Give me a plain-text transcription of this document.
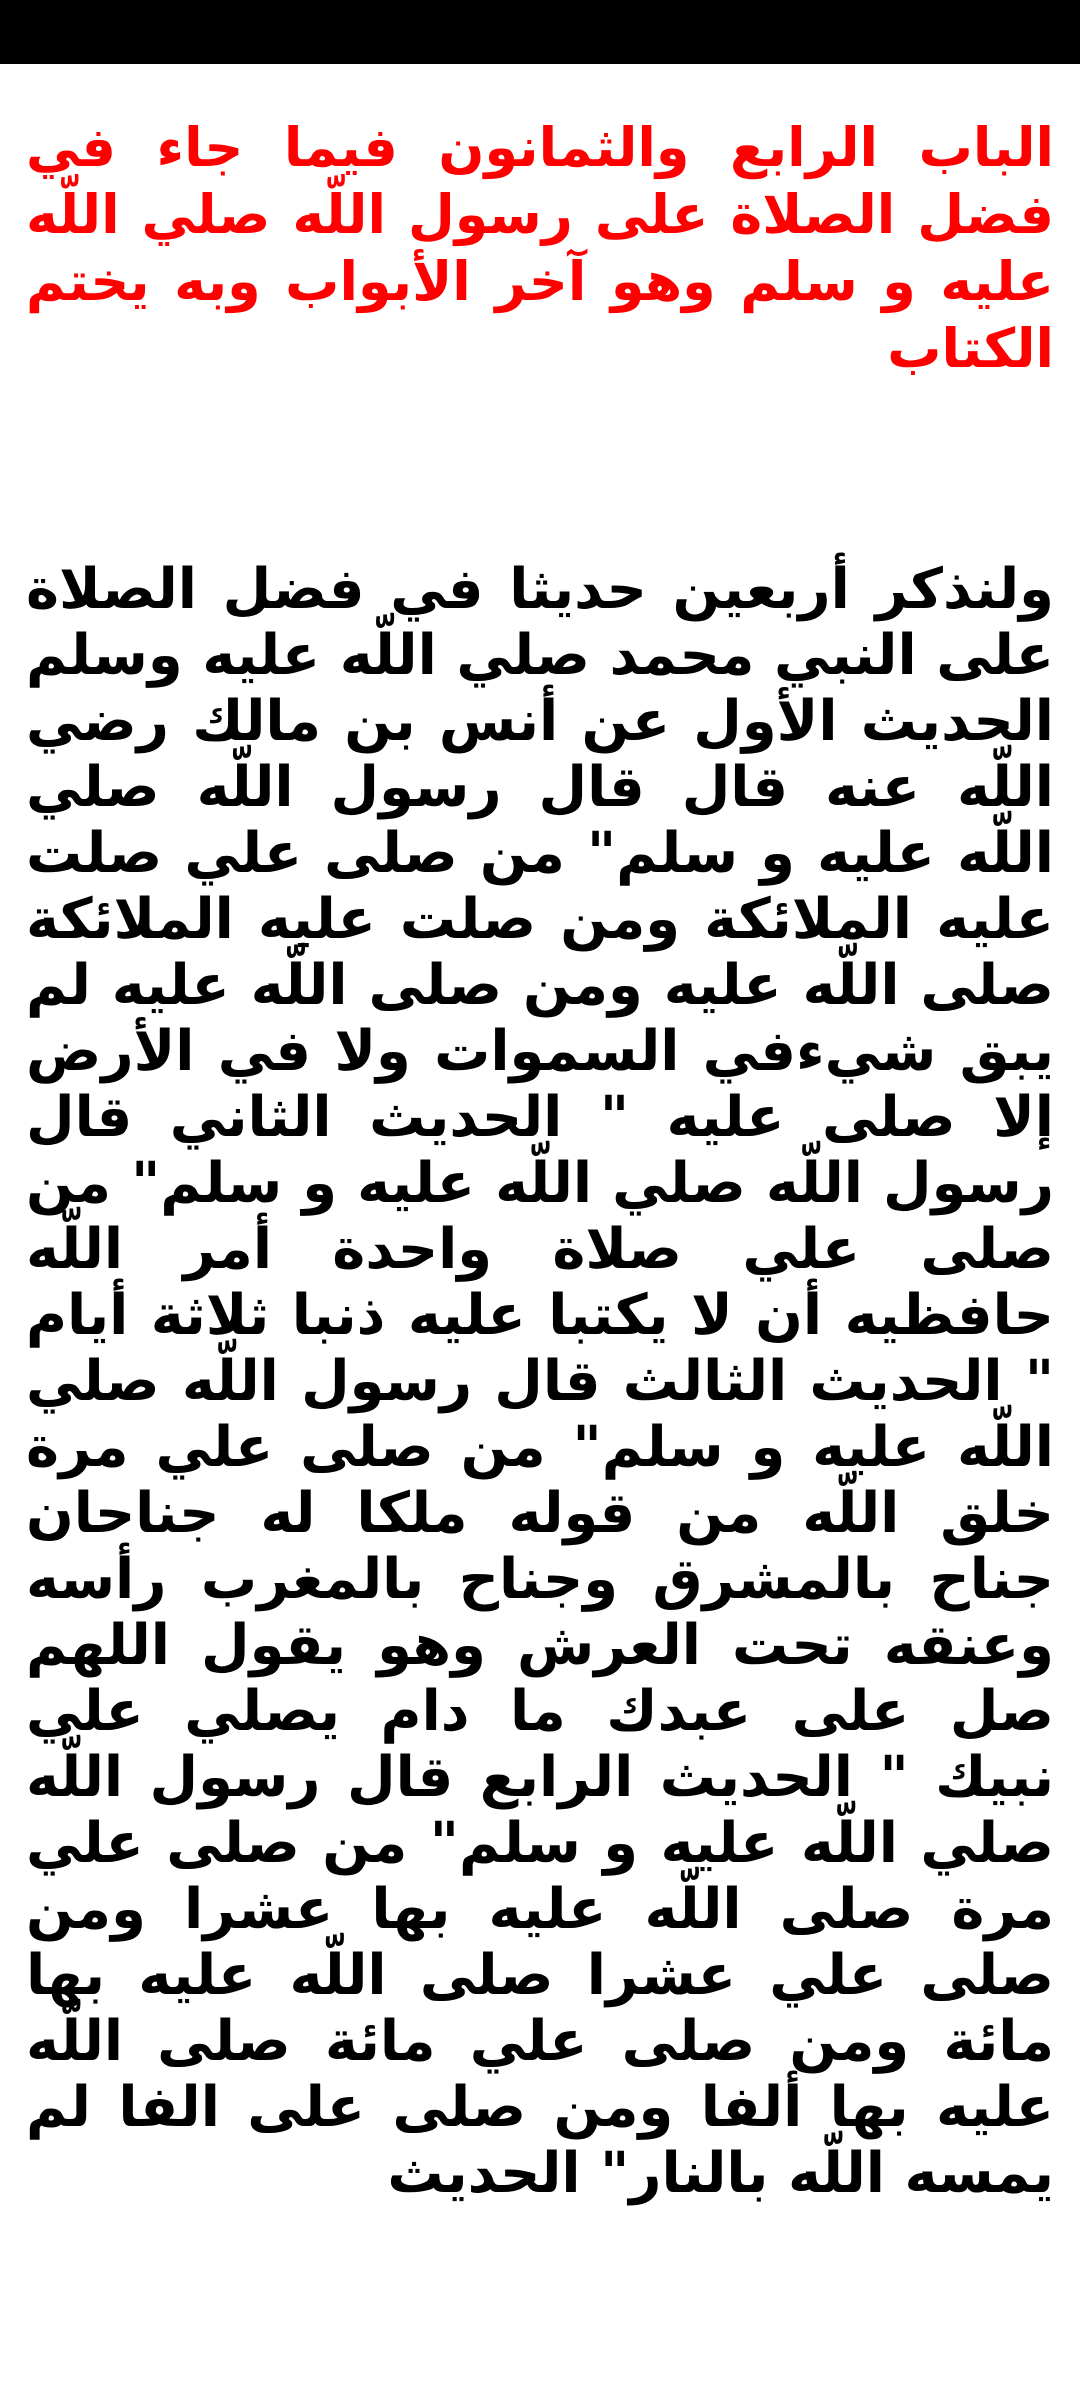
الباب الرابع والثمانون فيما جاء في فضل الصلاة على رسول اللّه صلي اللّه عليه و سلم وهو آخر الأبواب وبه يختم الكتاب
ولنذكر أربعين حديثا في فضل الصلاة على النبي محمد صلي اللّه عليه وسلم الحديث الأول عن أنس بن مالك رضي اللّه عنه قال قال رسول اللّه صلي اللّه عليه و سلم" من صلى علي صلت عليه الملائكة ومن صلت عليه الملائكة صلى اللّه عليه ومن صلى اللّه عليه لم يبق شيءفي السموات ولا في الأرض إلا صلى عليه " الحديث الثاني قال رسول اللّه صلي اللّه عليه و سلم" من صلى علي صلاة واحدة أمر اللّه حافظيه أن لا يكتبا عليه ذنبا ثلاثة أيام " الحديث الثالث قال رسول اللّه صلي اللّه عليه و سلم" من صلى علي مرة خلق اللّه من قوله ملكا له جناحان جناح بالمشرق وجناح بالمغرب رأسه وعنقه تحت العرش وهو يقول اللهم صل على عبدك ما دام يصلي علي نبيك " الحديث الرابع قال رسول اللّه صلي اللّه عليه و سلم" من صلى علي مرة صلى اللّه عليه بها عشرا ومن صلى علي عشرا صلى اللّه عليه بها مائة ومن صلى علي مائة صلى اللّه عليه بها ألفا ومن صلى على الفا لم يمسه اللّه بالنار" الحديث
